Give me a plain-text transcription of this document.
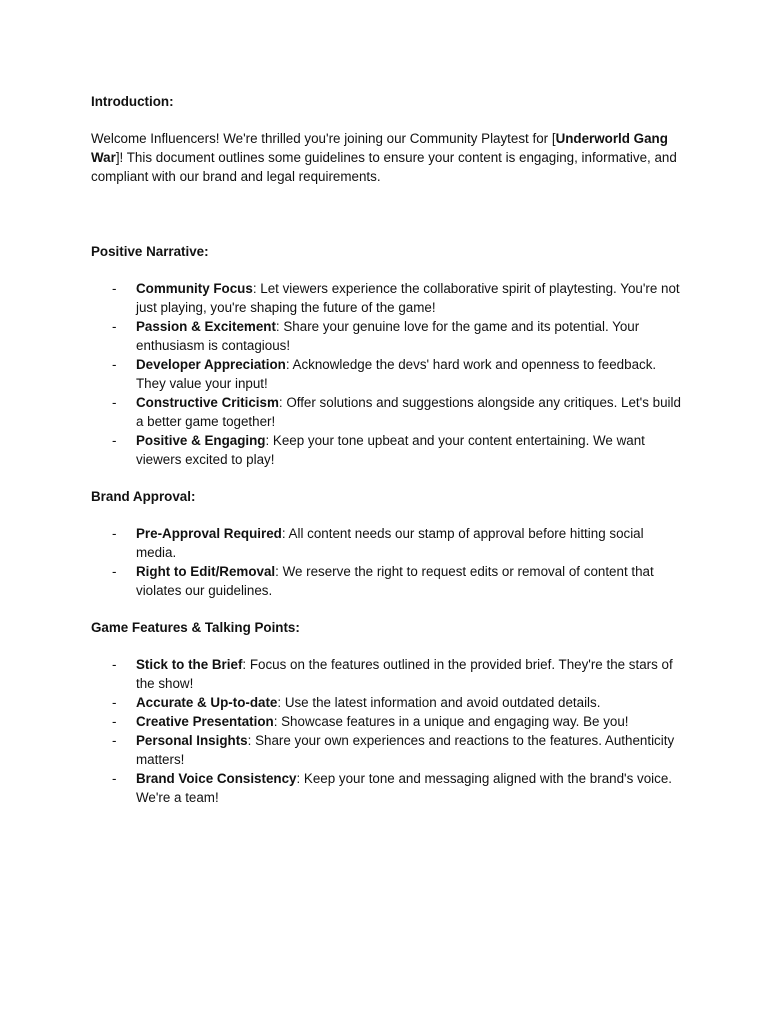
Introduction:

Welcome Influencers! We're thrilled you're joining our Community Playtest for [Underworld Gang War]! This document outlines some guidelines to ensure your content is engaging, informative, and compliant with our brand and legal requirements.

Positive Narrative:

- Community Focus: Let viewers experience the collaborative spirit of playtesting. You're not just playing, you're shaping the future of the game!
- Passion & Excitement: Share your genuine love for the game and its potential. Your enthusiasm is contagious!
- Developer Appreciation: Acknowledge the devs' hard work and openness to feedback. They value your input!
- Constructive Criticism: Offer solutions and suggestions alongside any critiques. Let's build a better game together!
- Positive & Engaging: Keep your tone upbeat and your content entertaining. We want viewers excited to play!

Brand Approval:

- Pre-Approval Required: All content needs our stamp of approval before hitting social media.
- Right to Edit/Removal: We reserve the right to request edits or removal of content that violates our guidelines.

Game Features & Talking Points:

- Stick to the Brief: Focus on the features outlined in the provided brief. They're the stars of the show!
- Accurate & Up-to-date: Use the latest information and avoid outdated details.
- Creative Presentation: Showcase features in a unique and engaging way. Be you!
- Personal Insights: Share your own experiences and reactions to the features. Authenticity matters!
- Brand Voice Consistency: Keep your tone and messaging aligned with the brand's voice. We're a team!
